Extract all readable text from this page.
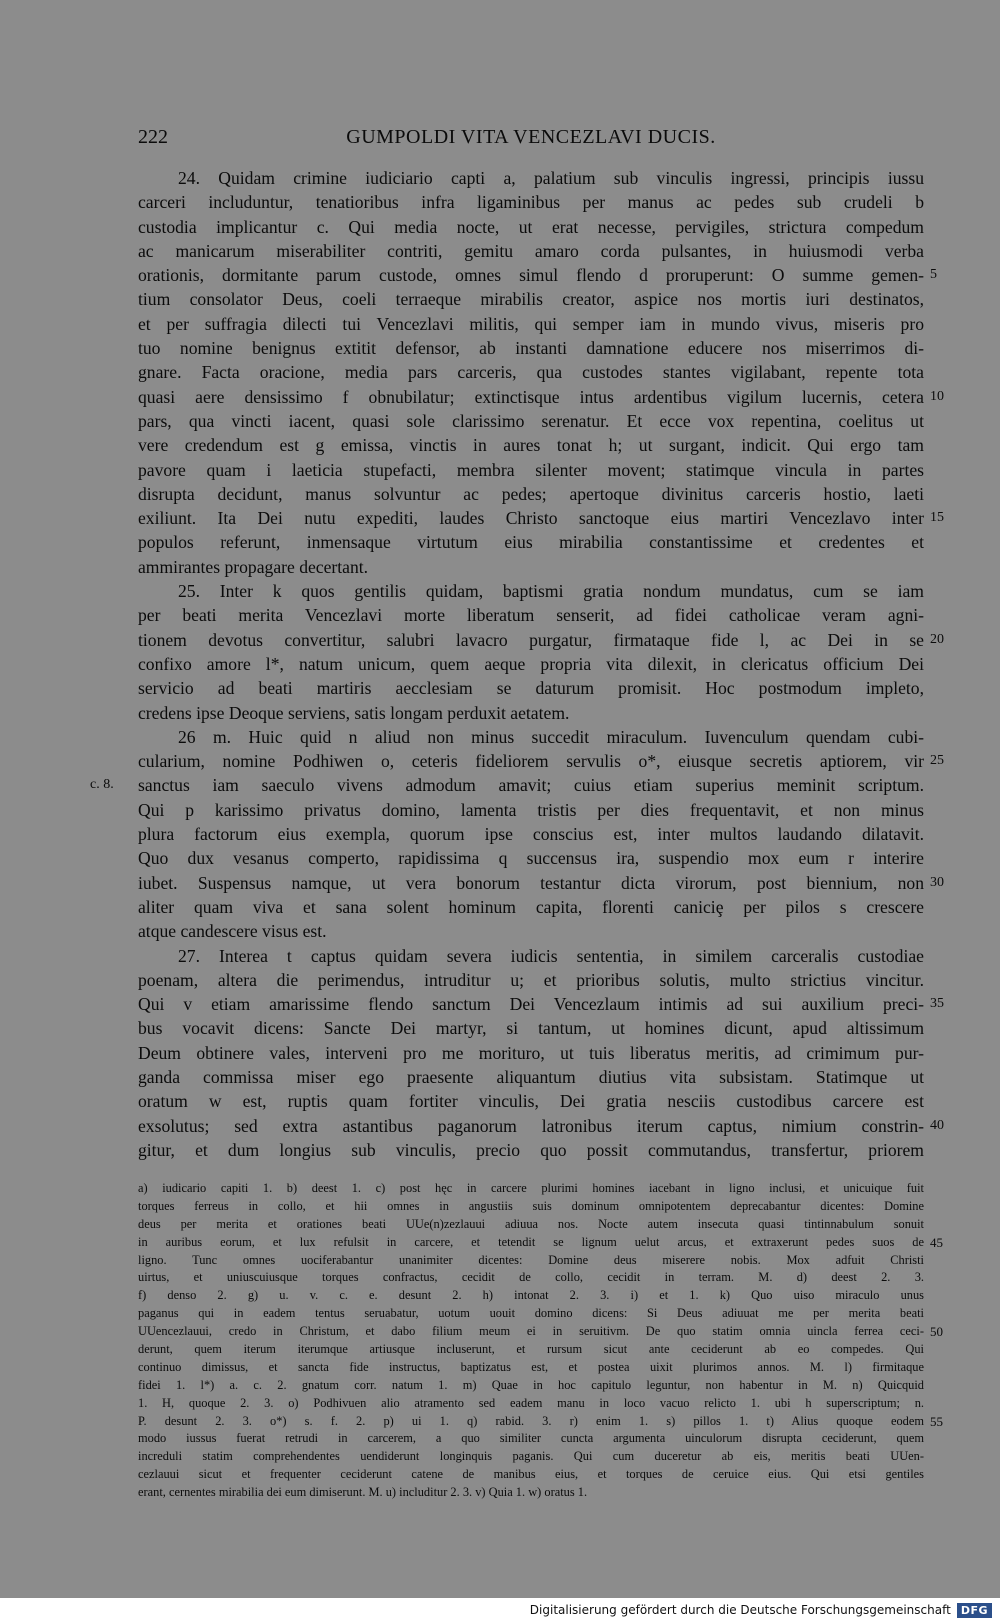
222	GUMPOLDI VITA VENCEZLAVI DUCIS.
24. Quidam crimine iudiciario capti a, palatium sub vinculis ingressi, principis iussu
carceri includuntur, tenatioribus infra ligaminibus per manus ac pedes sub crudeli b
custodia implicantur c. Qui media nocte, ut erat necesse, pervigiles, strictura compedum
ac manicarum miserabiliter contriti, gemitu amaro corda pulsantes, in huiusmodi verba
orationis, dormitante parum custode, omnes simul flendo d proruperunt: O summe gemen- 5
tium consolator Deus, coeli terraeque mirabilis creator, aspice nos mortis iuri destinatos,
et per suffragia dilecti tui Vencezlavi militis, qui semper iam in mundo vivus, miseris pro
tuo nomine benignus extitit defensor, ab instanti damnatione educere nos miserrimos di-
gnare. Facta oracione, media pars carceris, qua custodes stantes vigilabant, repente tota
quasi aere densissimo f obnubilatur; extinctisque intus ardentibus vigilum lucernis, cetera 10
pars, qua vincti iacent, quasi sole clarissimo serenatur. Et ecce vox repentina, coelitus ut
vere credendum est g emissa, vinctis in aures tonat h; ut surgant, indicit. Qui ergo tam
pavore quam i laeticia stupefacti, membra silenter movent; statimque vincula in partes
disrupta decidunt, manus solvuntur ac pedes; apertoque divinitus carceris hostio, laeti
exiliunt. Ita Dei nutu expediti, laudes Christo sanctoque eius martiri Vencezlavo inter 15
populos referunt, inmensaque virtutum eius mirabilia constantissime et credentes et
ammirantes propagare decertant.
25. Inter k quos gentilis quidam, baptismi gratia nondum mundatus, cum se iam
per beati merita Vencezlavi morte liberatum senserit, ad fidei catholicae veram agni-
tionem devotus convertitur, salubri lavacro purgatur, firmataque fide l, ac Dei in se 20
confixo amore l*, natum unicum, quem aeque propria vita dilexit, in clericatus officium Dei
servicio ad beati martiris aecclesiam se daturum promisit. Hoc postmodum impleto,
credens ipse Deoque serviens, satis longam perduxit aetatem.
26 m. Huic quid n aliud non minus succedit miraculum. Iuvenculum quendam cubi-
cularium, nomine Podhiwen o, ceteris fideliorem servulis o*, eiusque secretis aptiorem, vir 25
sanctus iam saeculo vivens admodum amavit; cuius etiam superius meminit scriptum.
c. 8.
Qui p karissimo privatus domino, lamenta tristis per dies frequentavit, et non minus
plura factorum eius exempla, quorum ipse conscius est, inter multos laudando dilatavit.
Quo dux vesanus comperto, rapidissima q succensus ira, suspendio mox eum r interire
iubet. Suspensus namque, ut vera bonorum testantur dicta virorum, post biennium, non 30
aliter quam viva et sana solent hominum capita, florenti caniciȩ per pilos s crescere
atque candescere visus est.
27. Interea t captus quidam severa iudicis sententia, in similem carceralis custodiae
poenam, altera die perimendus, intruditur u; et prioribus solutis, multo strictius vincitur.
Qui v etiam amarissime flendo sanctum Dei Vencezlaum intimis ad sui auxilium preci- 35
bus vocavit dicens: Sancte Dei martyr, si tantum, ut homines dicunt, apud altissimum
Deum obtinere vales, interveni pro me morituro, ut tuis liberatus meritis, ad crimimum pur-
ganda commissa miser ego praesente aliquantum diutius vita subsistam. Statimque ut
oratum w est, ruptis quam fortiter vinculis, Dei gratia nesciis custodibus carcere est
exsolutus; sed extra astantibus paganorum latronibus iterum captus, nimium constrin- 40
gitur, et dum longius sub vinculis, precio quo possit commutandus, transfertur, priorem
a) iudicario capiti 1. b) deest 1. c) post hęc in carcere plurimi homines iacebant in ligno inclusi, et unicuique fuit
torques ferreus in collo, et hii omnes in angustiis suis dominum omnipotentem deprecabantur dicentes: Domine
deus per merita et orationes beati UUe(n)zezlauui adiuua nos. Nocte autem insecuta quasi tintinnabulum sonuit
in auribus eorum, et lux refulsit in carcere, et tetendit se lignum uelut arcus, et extraxerunt pedes suos de 45
ligno. Tunc omnes uociferabantur unanimiter dicentes: Domine deus miserere nobis. Mox adfuit Christi
uirtus, et uniuscuiusque torques confractus, cecidit de collo, cecidit in terram. M. d) deest 2. 3.
f) denso 2. g) u. v. c. e. desunt 2. h) intonat 2. 3. i) et 1. k) Quo uiso miraculo unus
paganus qui in eadem tentus seruabatur, uotum uouit domino dicens: Si Deus adiuuat me per merita beati
UUencezlauui, credo in Christum, et dabo filium meum ei in seruitivm. De quo statim omnia uincla ferrea ceci- 50
derunt, quem iterum iterumque artiusque incluserunt, et rursum sicut ante ceciderunt ab eo compedes. Qui
continuo dimissus, et sancta fide instructus, baptizatus est, et postea uixit plurimos annos. M. l) firmitaque
fidei 1. l*) a. c. 2. gnatum corr. natum 1. m) Quae in hoc capitulo leguntur, non habentur in M. n) Quicquid
1. H, quoque 2. 3. o) Podhivuen alio atramento sed eadem manu in loco vacuo relicto 1. ubi h superscriptum; n.
P. desunt 2. 3. o*) s. f. 2. p) ui 1. q) rabid. 3. r) enim 1. s) pillos 1. t) Alius quoque eodem 55
modo iussus fuerat retrudi in carcerem, a quo similiter cuncta argumenta uinculorum disrupta ceciderunt, quem
increduli statim comprehendentes uendiderunt longinquis paganis. Qui cum duceretur ab eis, meritis beati UUen-
cezlauui sicut et frequenter ceciderunt catene de manibus eius, et torques de ceruice eius. Qui etsi gentiles
erant, cernentes mirabilia dei eum dimiserunt. M. u) includitur 2. 3. v) Quia 1. w) oratus 1.
Digitalisierung gefördert durch die Deutsche Forschungsgemeinschaft DFG
